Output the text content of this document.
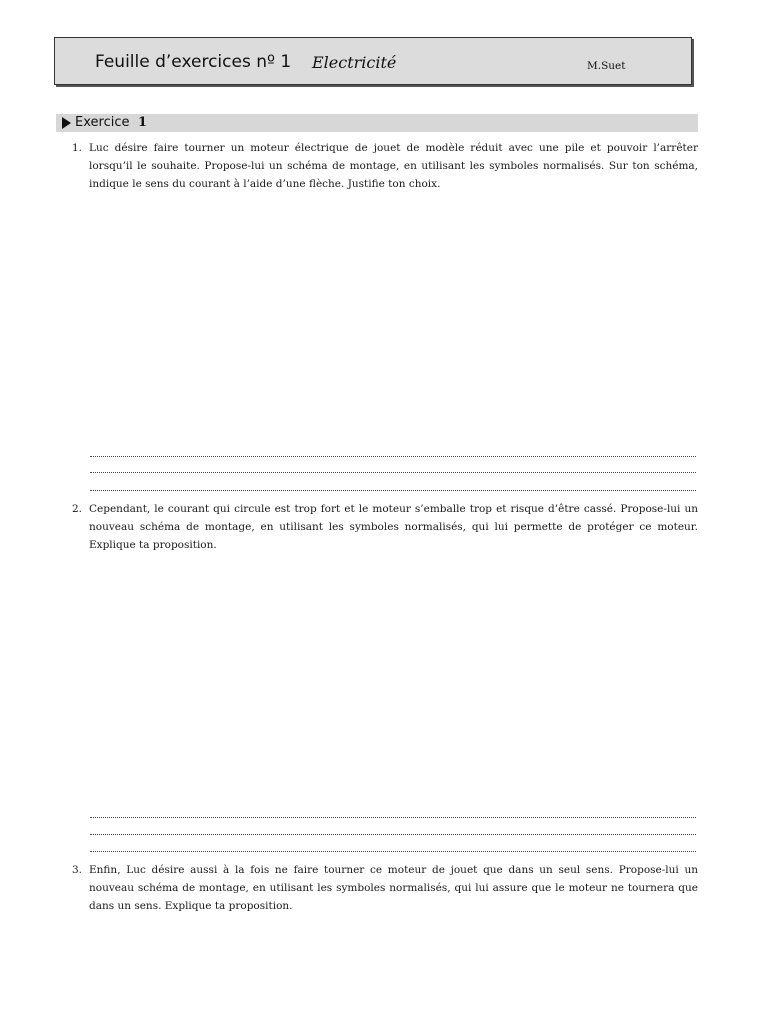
Feuille d’exercices nº 1 Electricité	M.Suet
Exercice 1
1. Luc désire faire tourner un moteur électrique de jouet de modèle réduit avec une pile et pouvoir l’arrêter lorsqu’il le souhaite. Propose-lui un schéma de montage, en utilisant les symboles normalisés. Sur ton schéma, indique le sens du courant à l’aide d’une flèche. Justifie ton choix.
2. Cependant, le courant qui circule est trop fort et le moteur s’emballe trop et risque d’être cassé. Propose-lui un nouveau schéma de montage, en utilisant les symboles normalisés, qui lui permette de protéger ce moteur. Explique ta proposition.
3. Enfin, Luc désire aussi à la fois ne faire tourner ce moteur de jouet que dans un seul sens. Propose-lui un nouveau schéma de montage, en utilisant les symboles normalisés, qui lui assure que le moteur ne tournera que dans un sens. Explique ta proposition.
